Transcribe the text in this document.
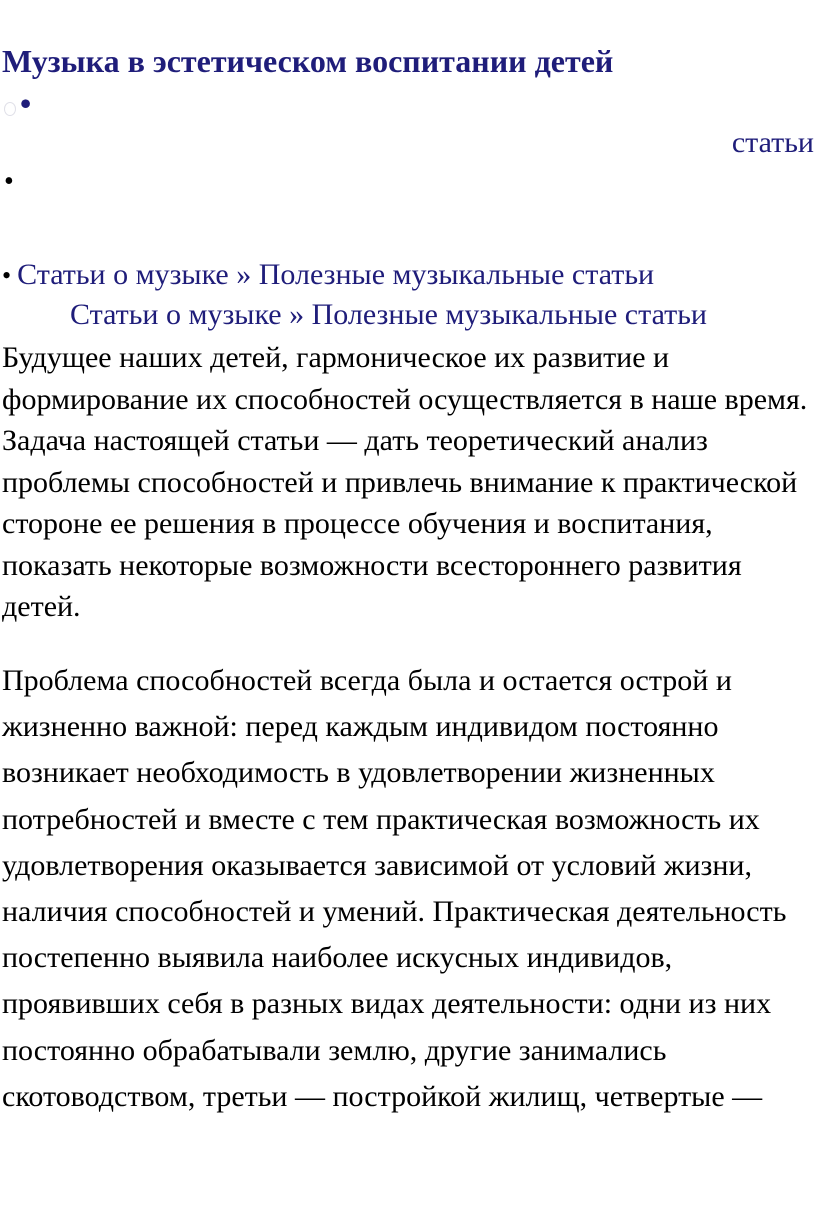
Музыка в эстетическом воспитании детей•
статьи
•
• Статьи о музыке » Полезные музыкальные статьи
Статьи о музыке » Полезные музыкальные статьи

Будущее наших детей, гармоническое их развитие и формирование их способностей осуществляется в наше время. Задача настоящей статьи — дать теоретический анализ проблемы способностей и привлечь внимание к практической стороне ее решения в процессе обучения и воспитания, показать некоторые возможности всестороннего развития детей.

Проблема способностей всегда была и остается острой и жизненно важной: перед каждым индивидом постоянно возникает необходимость в удовлетворении жизненных потребностей и вместе с тем практическая возможность их удовлетворения оказывается зависимой от условий жизни, наличия способностей и умений. Практическая деятельность постепенно выявила наиболее искусных индивидов, проявивших себя в разных видах деятельности: одни из них постоянно обрабатывали землю, другие занимались скотоводством, третьи — постройкой жилищ, четвертые —
